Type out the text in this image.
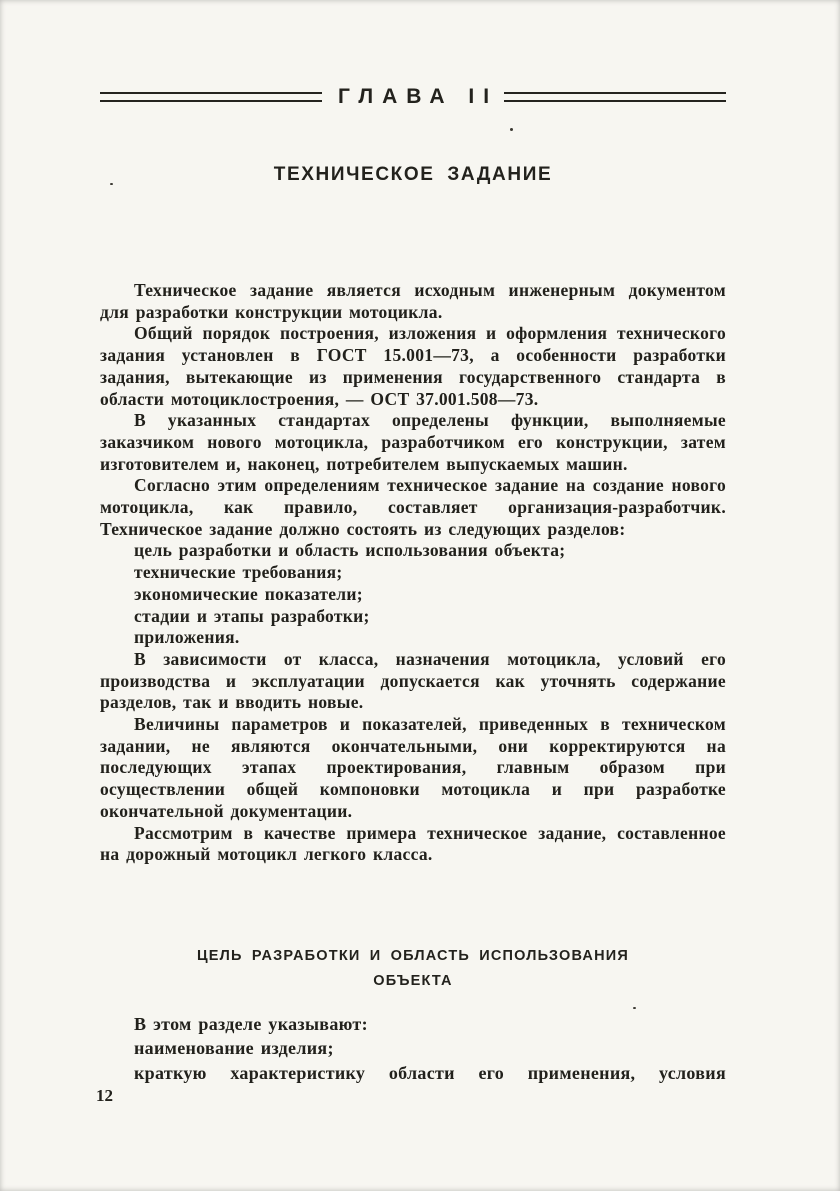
ГЛАВА II
ТЕХНИЧЕСКОЕ ЗАДАНИЕ

Техническое задание является исходным инженерным документом для разработки конструкции мотоцикла.

Общий порядок построения, изложения и оформления технического задания установлен в ГОСТ 15.001—73, а особенности разработки задания, вытекающие из применения государственного стандарта в области мотоциклостроения, — ОСТ 37.001.508—73.

В указанных стандартах определены функции, выполняемые заказчиком нового мотоцикла, разработчиком его конструкции, затем изготовителем и, наконец, потребителем выпускаемых машин.

Согласно этим определениям техническое задание на создание нового мотоцикла, как правило, составляет организация-разработчик. Техническое задание должно состоять из следующих разделов:

цель разработки и область использования объекта;

технические требования;

экономические показатели;

стадии и этапы разработки;

приложения.

В зависимости от класса, назначения мотоцикла, условий его производства и эксплуатации допускается как уточнять содержание разделов, так и вводить новые.

Величины параметров и показателей, приведенных в техническом задании, не являются окончательными, они корректируются на последующих этапах проектирования, главным образом при осуществлении общей компоновки мотоцикла и при разработке окончательной документации.

Рассмотрим в качестве примера техническое задание, составленное на дорожный мотоцикл легкого класса.

ЦЕЛЬ РАЗРАБОТКИ И ОБЛАСТЬ ИСПОЛЬЗОВАНИЯ
ОБЪЕКТА

В этом разделе указывают:

наименование изделия;

краткую характеристику области его применения, условия

12
